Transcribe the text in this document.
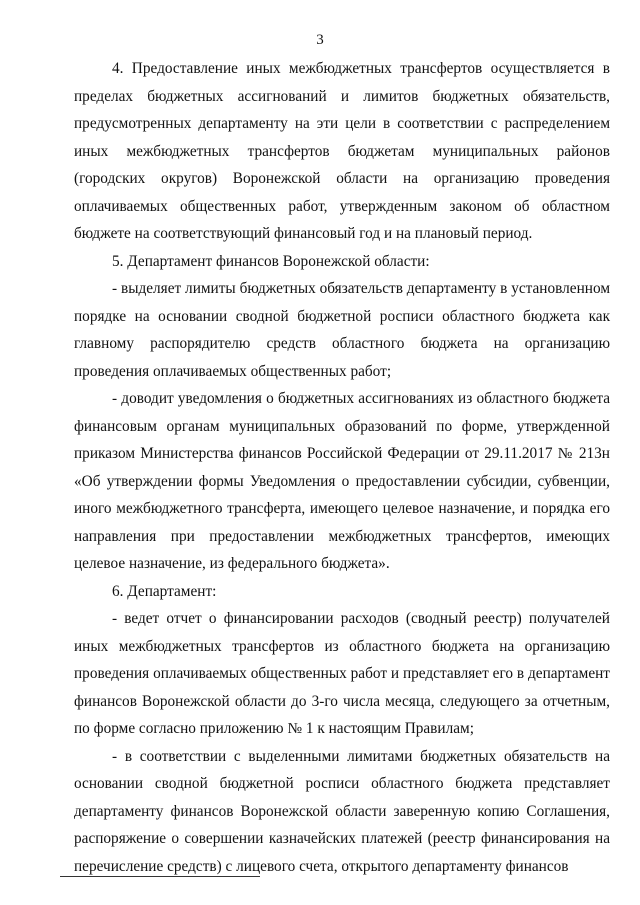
3

4. Предоставление иных межбюджетных трансфертов осуществляется в пределах бюджетных ассигнований и лимитов бюджетных обязательств, предусмотренных департаменту на эти цели в соответствии с распределением иных межбюджетных трансфертов бюджетам муниципальных районов (городских округов) Воронежской области на организацию проведения оплачиваемых общественных работ, утвержденным законом об областном бюджете на соответствующий финансовый год и на плановый период.

5. Департамент финансов Воронежской области:

- выделяет лимиты бюджетных обязательств департаменту в установленном порядке на основании сводной бюджетной росписи областного бюджета как главному распорядителю средств областного бюджета на организацию проведения оплачиваемых общественных работ;

- доводит уведомления о бюджетных ассигнованиях из областного бюджета финансовым органам муниципальных образований по форме, утвержденной приказом Министерства финансов Российской Федерации от 29.11.2017 № 213н «Об утверждении формы Уведомления о предоставлении субсидии, субвенции, иного межбюджетного трансферта, имеющего целевое назначение, и порядка его направления при предоставлении межбюджетных трансфертов, имеющих целевое назначение, из федерального бюджета».

6. Департамент:

- ведет отчет о финансировании расходов (сводный реестр) получателей иных межбюджетных трансфертов из областного бюджета на организацию проведения оплачиваемых общественных работ и представляет его в департамент финансов Воронежской области до 3-го числа месяца, следующего за отчетным, по форме согласно приложению № 1 к настоящим Правилам;

- в соответствии с выделенными лимитами бюджетных обязательств на основании сводной бюджетной росписи областного бюджета представляет департаменту финансов Воронежской области заверенную копию Соглашения, распоряжение о совершении казначейских платежей (реестр финансирования на перечисление средств) с лицевого счета, открытого департаменту финансов
